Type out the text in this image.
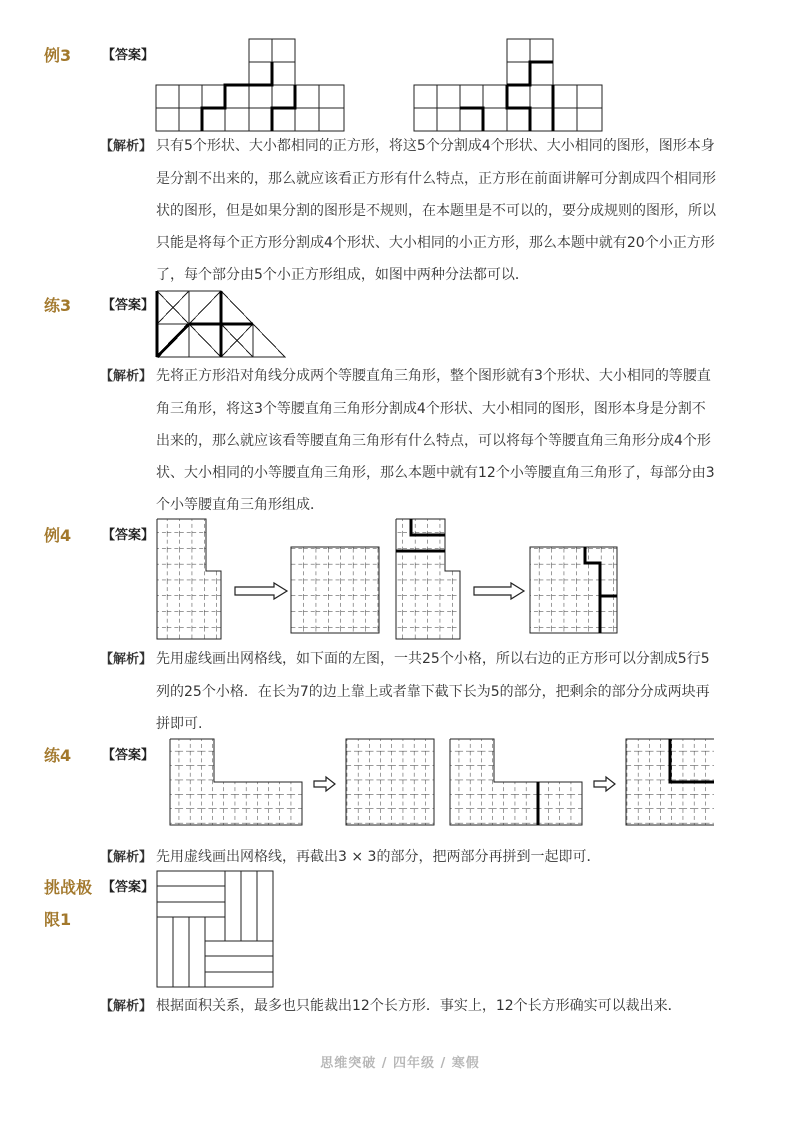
例3 【答案】
【解析】 只有5个形状、大小都相同的正方形，将这5个分割成4个形状、大小相同的图形，图形本身是分割不出来的，那么就应该看正方形有什么特点，正方形在前面讲解可分割成四个相同形状的图形，但是如果分割的图形是不规则，在本题里是不可以的，要分成规则的图形，所以只能是将每个正方形分割成4个形状、大小相同的小正方形，那么本题中就有20个小正方形了，每个部分由5个小正方形组成，如图中两种分法都可以．
练3 【答案】
【解析】 先将正方形沿对角线分成两个等腰直角三角形，整个图形就有3个形状、大小相同的等腰直角三角形，将这3个等腰直角三角形分割成4个形状、大小相同的图形，图形本身是分割不出来的，那么就应该看等腰直角三角形有什么特点，可以将每个等腰直角三角形分成4个形状、大小相同的小等腰直角三角形，那么本题中就有12个小等腰直角三角形了，每部分由3个小等腰直角三角形组成．
例4 【答案】
【解析】 先用虚线画出网格线，如下面的左图，一共25个小格，所以右边的正方形可以分割成5行5列的25个小格．在长为7的边上靠上或者靠下截下长为5的部分，把剩余的部分分成两块再拼即可.
练4 【答案】
【解析】 先用虚线画出网格线，再截出3 × 3的部分，把两部分再拼到一起即可．
挑战极
限1
【答案】
【解析】 根据面积关系，最多也只能裁出12个长方形．事实上，12个长方形确实可以裁出来．
思维突破 / 四年级 / 寒假
